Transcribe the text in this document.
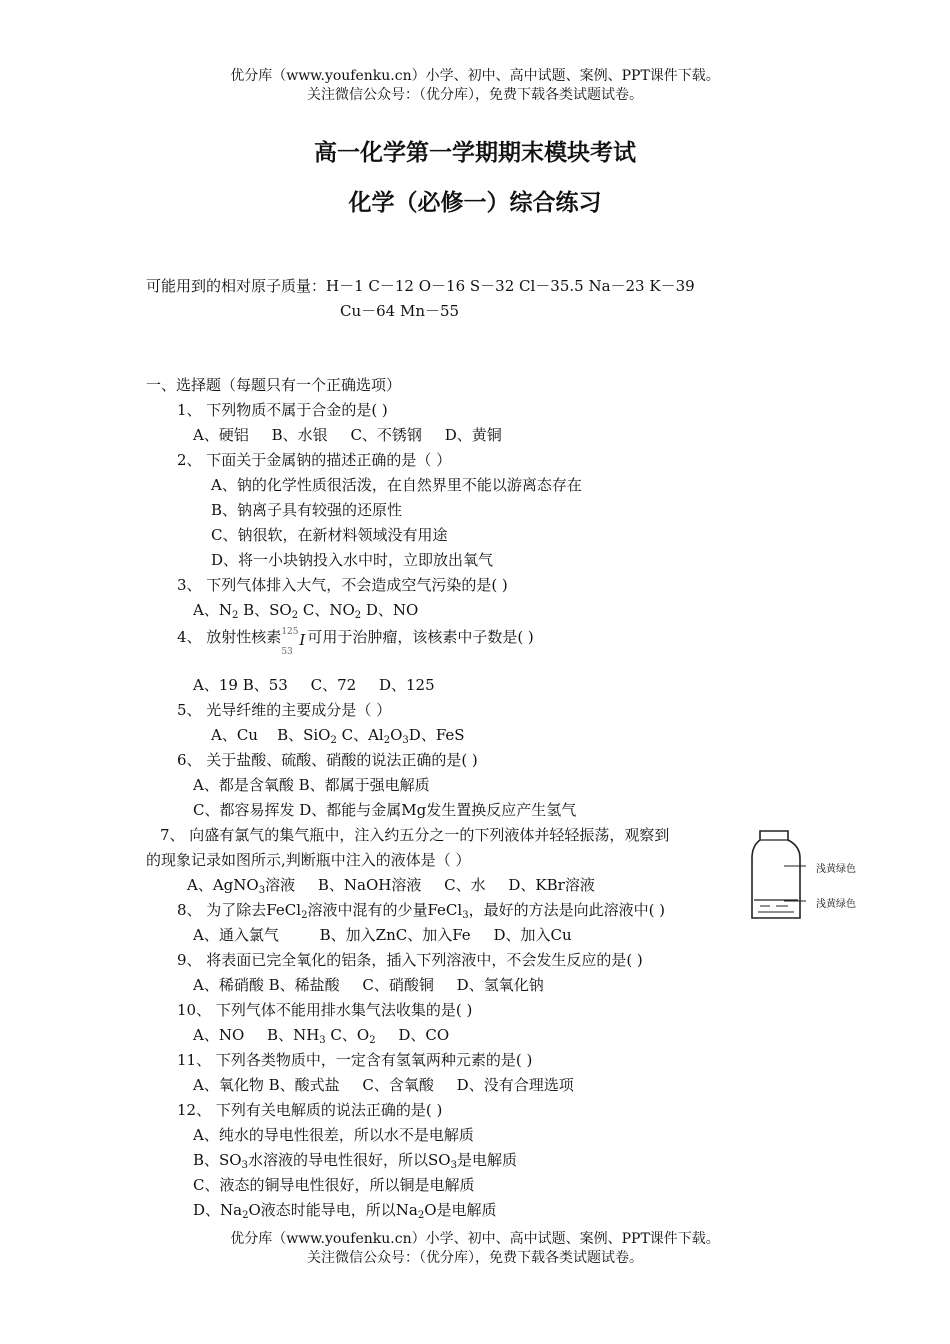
优分库（www.youfenku.cn）小学、初中、高中试题、案例、PPT课件下载。
关注微信公众号：（优分库），免费下载各类试题试卷。
高一化学第一学期期末模块考试
化学（必修一）综合练习
可能用到的相对原子质量：H－1 C－12 O－16 S－32 Cl－35.5 Na－23 K－39
Cu－64 Mn－55
一、选择题（每题只有一个正确选项）
1、 下列物质不属于合金的是( )
A、硬铝 B、水银 C、不锈钢 D、黄铜
2、 下面关于金属钠的描述正确的是（ ）
A、钠的化学性质很活泼，在自然界里不能以游离态存在
B、钠离子具有较强的还原性
C、钠很软，在新材料领域没有用途
D、将一小块钠投入水中时，立即放出氧气
3、 下列气体排入大气，不会造成空气污染的是( )
A、$N_2$ B、$SO_2$ C、$NO_2$ D、NO
4、 放射性核素 125
53
I 可用于治肿瘤，该核素中子数是( )
A、19 B、53 C、72 D、125
5、 光导纤维的主要成分是（ ）
A、Cu B、SiO$_2$ C、$Al_2O_3D$、FeS
6、 关于盐酸、硫酸、硝酸的说法正确的是( )
A、都是含氧酸 B、都属于强电解质
C、都容易挥发 D、都能与金属Mg发生置换反应产生氢气
7、 向盛有氯气的集气瓶中，注入约五分之一的下列液体并轻轻振荡，观察到
的现象记录如图所示,判断瓶中注入的液体是（ ）
A、AgNO$_3$溶液 B、NaOH溶液 C、水 D、KBr溶液
浅黄绿色
浅黄绿色
8、 为了除去FeCl$_2$溶液中混有的少量FeCl$_3$，最好的方法是向此溶液中( )
A、通入氯气	B、加入ZnC、加入Fe D、加入Cu
9、 将表面已完全氧化的铝条，插入下列溶液中，不会发生反应的是( )
A、稀硝酸 B、稀盐酸 C、硝酸铜 D、氢氧化钠
10、 下列气体不能用排水集气法收集的是( )
A、NO B、$NH_3$ C、$O_2$ D、CO
11、 下列各类物质中，一定含有氢氧两种元素的是( )
A、氧化物 B、酸式盐 C、含氧酸 D、没有合理选项
12、 下列有关电解质的说法正确的是( )
A、纯水的导电性很差，所以水不是电解质
B、$SO_3$水溶液的导电性很好，所以$SO_3$是电解质
C、液态的铜导电性很好，所以铜是电解质
D、$Na_2O$液态时能导电，所以$Na_2O$是电解质
优分库（www.youfenku.cn）小学、初中、高中试题、案例、PPT课件下载。
关注微信公众号：（优分库），免费下载各类试题试卷。
